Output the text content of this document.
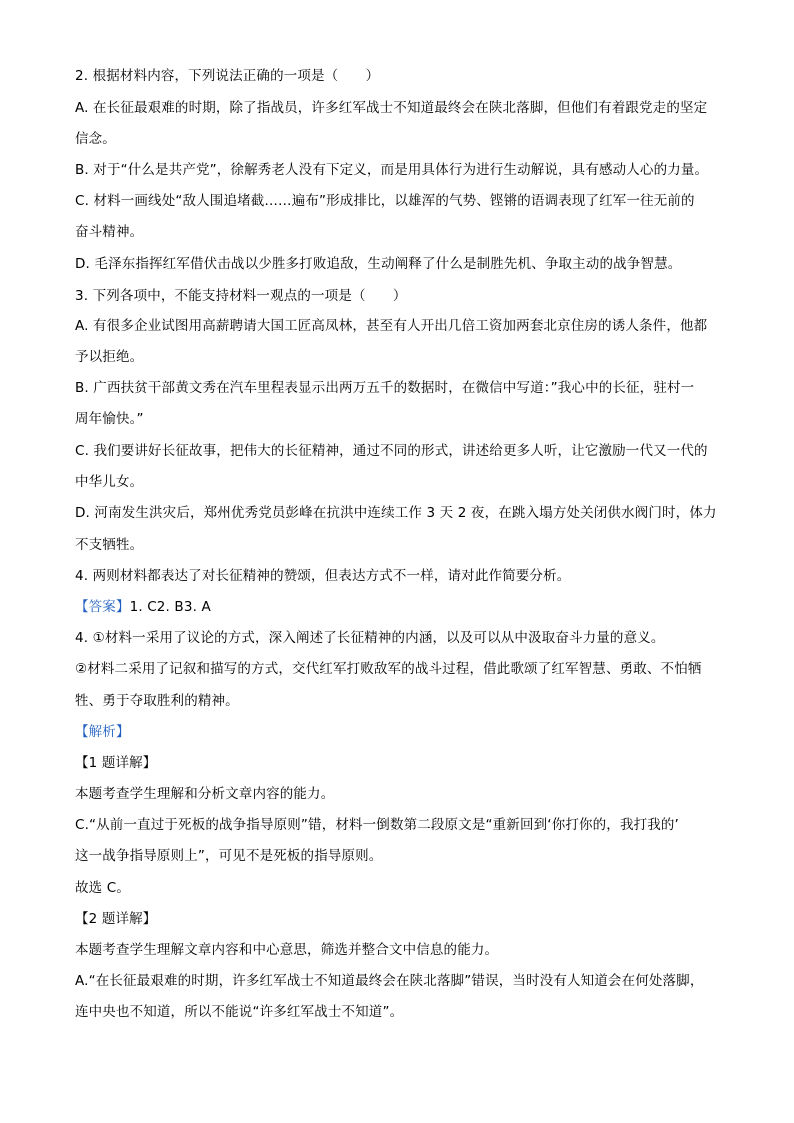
2. 根据材料内容，下列说法正确的一项是（　　）
A. 在长征最艰难的时期，除了指战员，许多红军战士不知道最终会在陕北落脚，但他们有着跟党走的坚定
信念。
B. 对于“什么是共产党”，徐解秀老人没有下定义，而是用具体行为进行生动解说，具有感动人心的力量。
C. 材料一画线处“敌人围追堵截……遍布”形成排比，以雄浑的气势、铿锵的语调表现了红军一往无前的
奋斗精神。
D. 毛泽东指挥红军借伏击战以少胜多打败追敌，生动阐释了什么是制胜先机、争取主动的战争智慧。
3. 下列各项中，不能支持材料一观点的一项是（　　）
A. 有很多企业试图用高薪聘请大国工匠高凤林，甚至有人开出几倍工资加两套北京住房的诱人条件，他都
予以拒绝。
B. 广西扶贫干部黄文秀在汽车里程表显示出两万五千的数据时，在微信中写道：”我心中的长征，驻村一
周年愉快。”
C. 我们要讲好长征故事，把伟大的长征精神，通过不同的形式，讲述给更多人听，让它激励一代又一代的
中华儿女。
D. 河南发生洪灾后，郑州优秀党员彭峰在抗洪中连续工作 3 天 2 夜，在跳入塌方处关闭供水阀门时，体力
不支牺牲。
4. 两则材料都表达了对长征精神的赞颂，但表达方式不一样，请对此作简要分析。
【答案】1. C2. B3. A
4. ①材料一采用了议论的方式，深入阐述了长征精神的内涵，以及可以从中汲取奋斗力量的意义。
②材料二采用了记叙和描写的方式，交代红军打败敌军的战斗过程，借此歌颂了红军智慧、勇敢、不怕牺
牲、勇于夺取胜利的精神。
【解析】
【1 题详解】
本题考查学生理解和分析文章内容的能力。
C.“从前一直过于死板的战争指导原则”错，材料一倒数第二段原文是“重新回到‘你打你的，我打我的’
这一战争指导原则上”，可见不是死板的指导原则。
故选 C。
【2 题详解】
本题考查学生理解文章内容和中心意思，筛选并整合文中信息的能力。
A.“在长征最艰难的时期，许多红军战士不知道最终会在陕北落脚”错误，当时没有人知道会在何处落脚，
连中央也不知道，所以不能说“许多红军战士不知道”。
